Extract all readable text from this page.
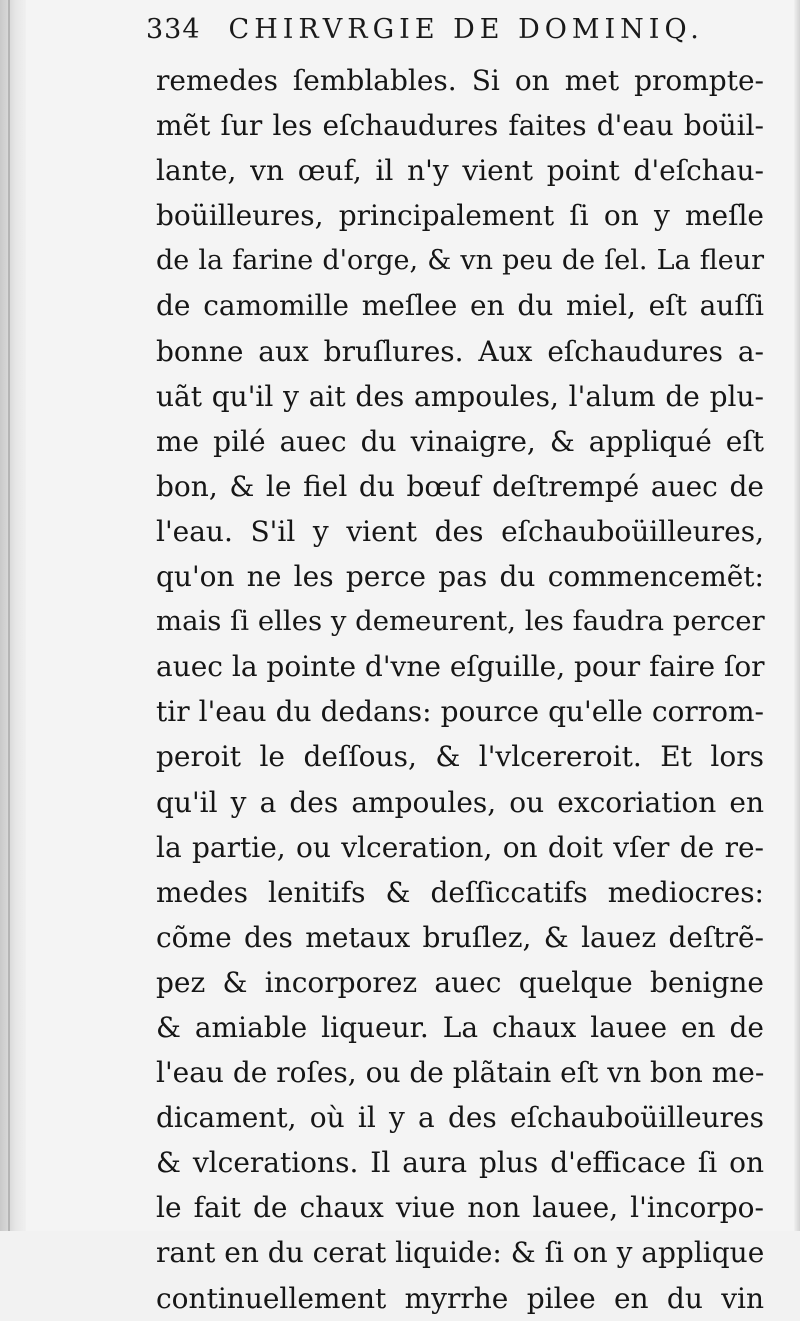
334 CHIRVRGIE DE DOMINIQ.
remedes ſemblables. Si on met prompte-
mẽt ſur les eſchaudures faites d'eau boüil-
lante, vn œuf, il n'y vient point d'eſchau-
boüilleures, principalement ſi on y meſle
de la farine d'orge, & vn peu de ſel. La fleur
de camomille meſlee en du miel, eſt auſſi
bonne aux bruſlures. Aux eſchaudures a-
uãt qu'il y ait des ampoules, l'alum de plu-
me pilé auec du vinaigre, & appliqué eſt
bon, & le fiel du bœuf deſtrempé auec de
l'eau. S'il y vient des eſchauboüilleures,
qu'on ne les perce pas du commencemẽt:
mais ſi elles y demeurent, les faudra percer
auec la pointe d'vne eſguille, pour faire ſor
tir l'eau du dedans: pource qu'elle corrom-
peroit le deſſous, & l'vlcereroit. Et lors
qu'il y a des ampoules, ou excoriation en
la partie, ou vlceration, on doit vſer de re-
medes lenitifs & deſſiccatifs mediocres:
cõme des metaux bruſlez, & lauez deſtrẽ-
pez & incorporez auec quelque benigne
& amiable liqueur. La chaux lauee en de
l'eau de roſes, ou de plãtain eſt vn bon me-
dicament, où il y a des eſchauboüilleures
& vlcerations. Il aura plus d'efficace ſi on
le fait de chaux viue non lauee, l'incorpo-
rant en du cerat liquide: & ſi on y applique
continuellement myrrhe pilee en du vin
